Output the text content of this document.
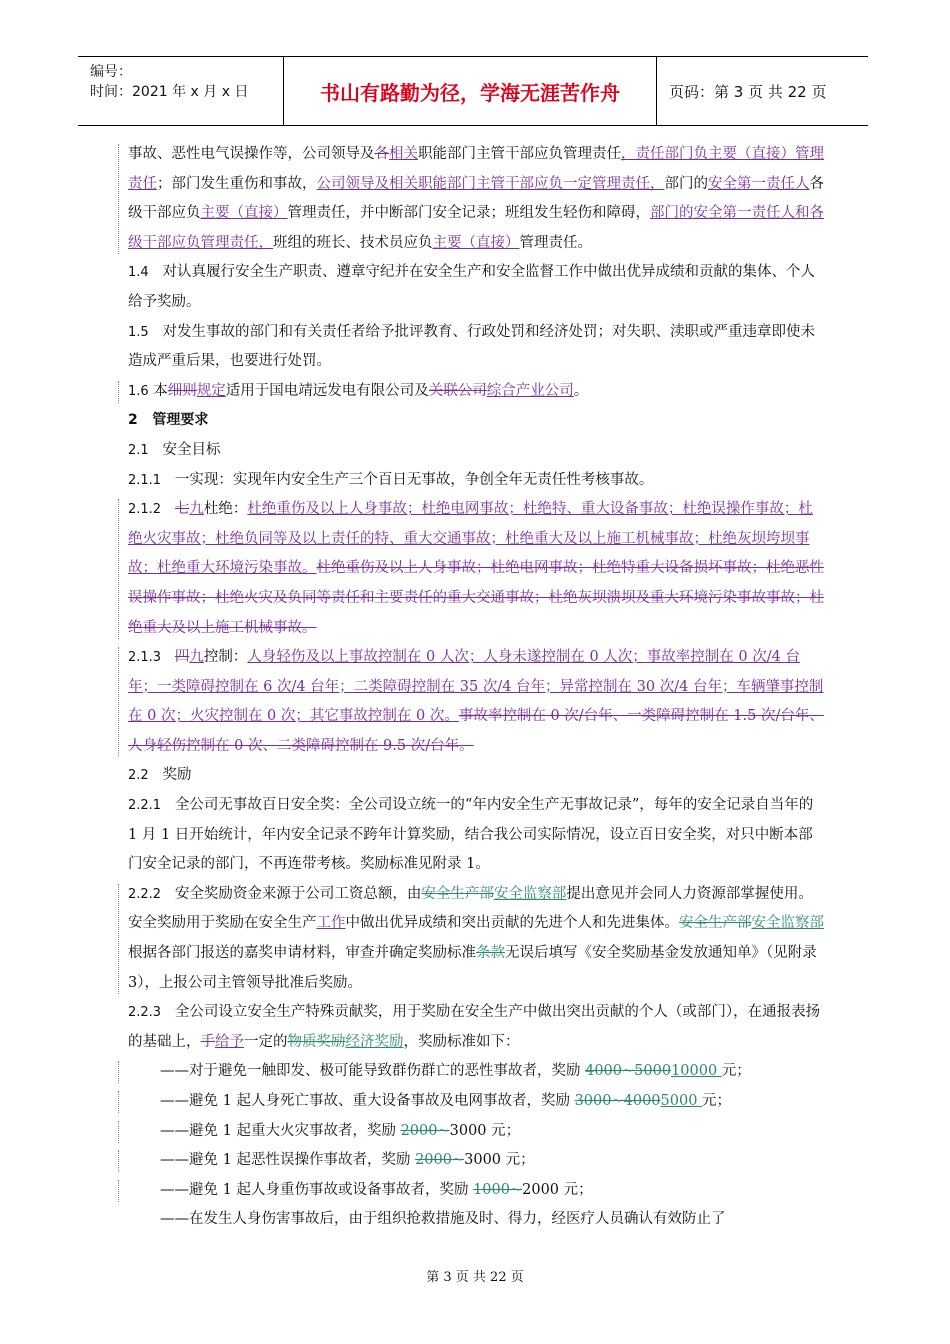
编号：
时间：2021 年 x 月 x 日	书山有路勤为径，学海无涯苦作舟	页码：第 3 页 共 22 页

事故、恶性电气误操作等，公司领导及各相关职能部门主管干部应负管理责任，责任部门负主要（直接）管理责任；部门发生重伤和事故，公司领导及相关职能部门主管干部应负一定管理责任，部门的安全第一责任人各级干部应负主要（直接）管理责任，并中断部门安全记录；班组发生轻伤和障碍，部门的安全第一责任人和各级干部应负管理责任，班组的班长、技术员应负主要（直接）管理责任。

1.4 对认真履行安全生产职责、遵章守纪并在安全生产和安全监督工作中做出优异成绩和贡献的集体、个人给予奖励。

1.5 对发生事故的部门和有关责任者给予批评教育、行政处罚和经济处罚；对失职、渎职或严重违章即使未造成严重后果，也要进行处罚。

1.6 本细则规定适用于国电靖远发电有限公司及关联公司综合产业公司。

2 管理要求

2.1 安全目标

2.1.1 一实现：实现年内安全生产三个百日无事故，争创全年无责任性考核事故。

2.1.2 七九杜绝：杜绝重伤及以上人身事故；杜绝电网事故；杜绝特、重大设备事故；杜绝误操作事故；杜绝火灾事故；杜绝负同等及以上责任的特、重大交通事故；杜绝重大及以上施工机械事故；杜绝灰坝垮坝事故；杜绝重大环境污染事故。杜绝重伤及以上人身事故；杜绝电网事故；杜绝特重大设备损坏事故；杜绝恶性误操作事故；杜绝火灾及负同等责任和主要责任的重大交通事故；杜绝灰坝溃坝及重大环境污染事故事故；杜绝重大及以上施工机械事故。

2.1.3 四九控制：人身轻伤及以上事故控制在 0 人次；人身未遂控制在 0 人次；事故率控制在 0 次/4 台年；一类障碍控制在 6 次/4 台年；二类障碍控制在 35 次/4 台年；异常控制在 30 次/4 台年；车辆肇事控制在 0 次；火灾控制在 0 次；其它事故控制在 0 次。事故率控制在 0 次/台年、一类障碍控制在 1.5 次/台年、人身轻伤控制在 0 次、二类障碍控制在 9.5 次/台年。

2.2 奖励

2.2.1 全公司无事故百日安全奖：全公司设立统一的“年内安全生产无事故记录”，每年的安全记录自当年的 1 月 1 日开始统计，年内安全记录不跨年计算奖励，结合我公司实际情况，设立百日安全奖，对只中断本部门安全记录的部门，不再连带考核。奖励标准见附录 1。

2.2.2 安全奖励资金来源于公司工资总额，由安全生产部安全监察部提出意见并会同人力资源部掌握使用。安全奖励用于奖励在安全生产工作中做出优异成绩和突出贡献的先进个人和先进集体。安全生产部安全监察部根据各部门报送的嘉奖申请材料，审查并确定奖励标准条款无误后填写《安全奖励基金发放通知单》（见附录 3），上报公司主管领导批准后奖励。

2.2.3 全公司设立安全生产特殊贡献奖，用于奖励在安全生产中做出突出贡献的个人（或部门），在通报表扬的基础上，手给予一定的物质奖励经济奖励，奖励标准如下：

——对于避免一触即发、极可能导致群伤群亡的恶性事故者，奖励 4000~500010000 元；

——避免 1 起人身死亡事故、重大设备事故及电网事故者，奖励 3000~40005000 元；

——避免 1 起重大火灾事故者，奖励 2000~3000 元；

——避免 1 起恶性误操作事故者，奖励 2000~3000 元；

——避免 1 起人身重伤事故或设备事故者，奖励 1000~2000 元；

——在发生人身伤害事故后，由于组织抢救措施及时、得力，经医疗人员确认有效防止了

第 3 页 共 22 页
